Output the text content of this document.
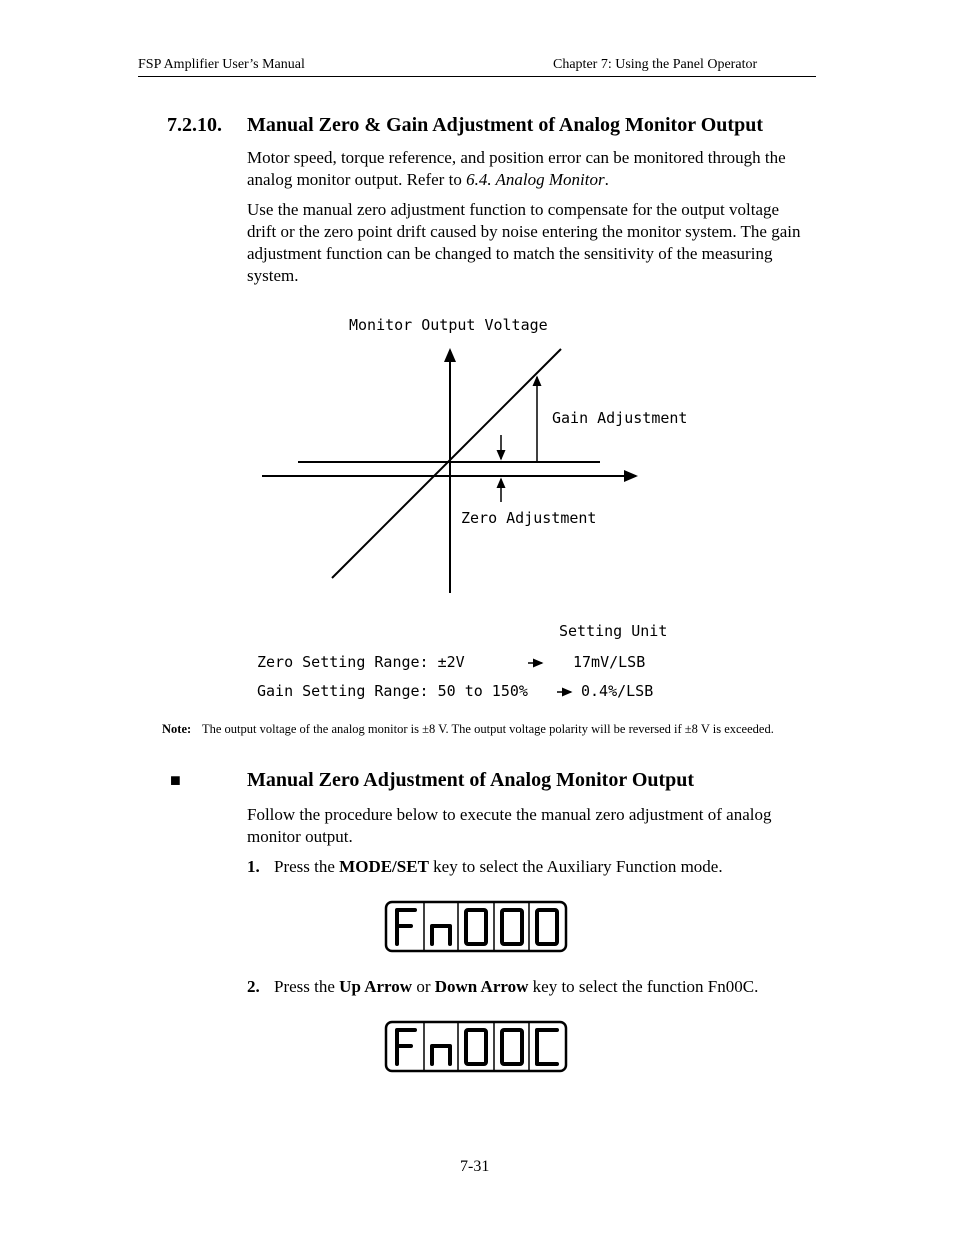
FSP Amplifier User’s Manual	Chapter 7: Using the Panel Operator
7.2.10. Manual Zero & Gain Adjustment of Analog Monitor Output
Motor speed, torque reference, and position error can be monitored through the analog monitor output. Refer to 6.4. Analog Monitor.
Use the manual zero adjustment function to compensate for the output voltage drift or the zero point drift caused by noise entering the monitor system. The gain adjustment function can be changed to match the sensitivity of the measuring system.
Monitor Output Voltage
Gain Adjustment
Zero Adjustment
Setting Unit
Zero Setting Range: ±2V	17mV/LSB
Gain Setting Range: 50 to 150%	0.4%/LSB
Note: The output voltage of the analog monitor is ±8 V. The output voltage polarity will be reversed if ±8 V is exceeded.
■	Manual Zero Adjustment of Analog Monitor Output
Follow the procedure below to execute the manual zero adjustment of analog monitor output.
1. Press the MODE/SET key to select the Auxiliary Function mode.
2. Press the Up Arrow or Down Arrow key to select the function Fn00C.
7-31
